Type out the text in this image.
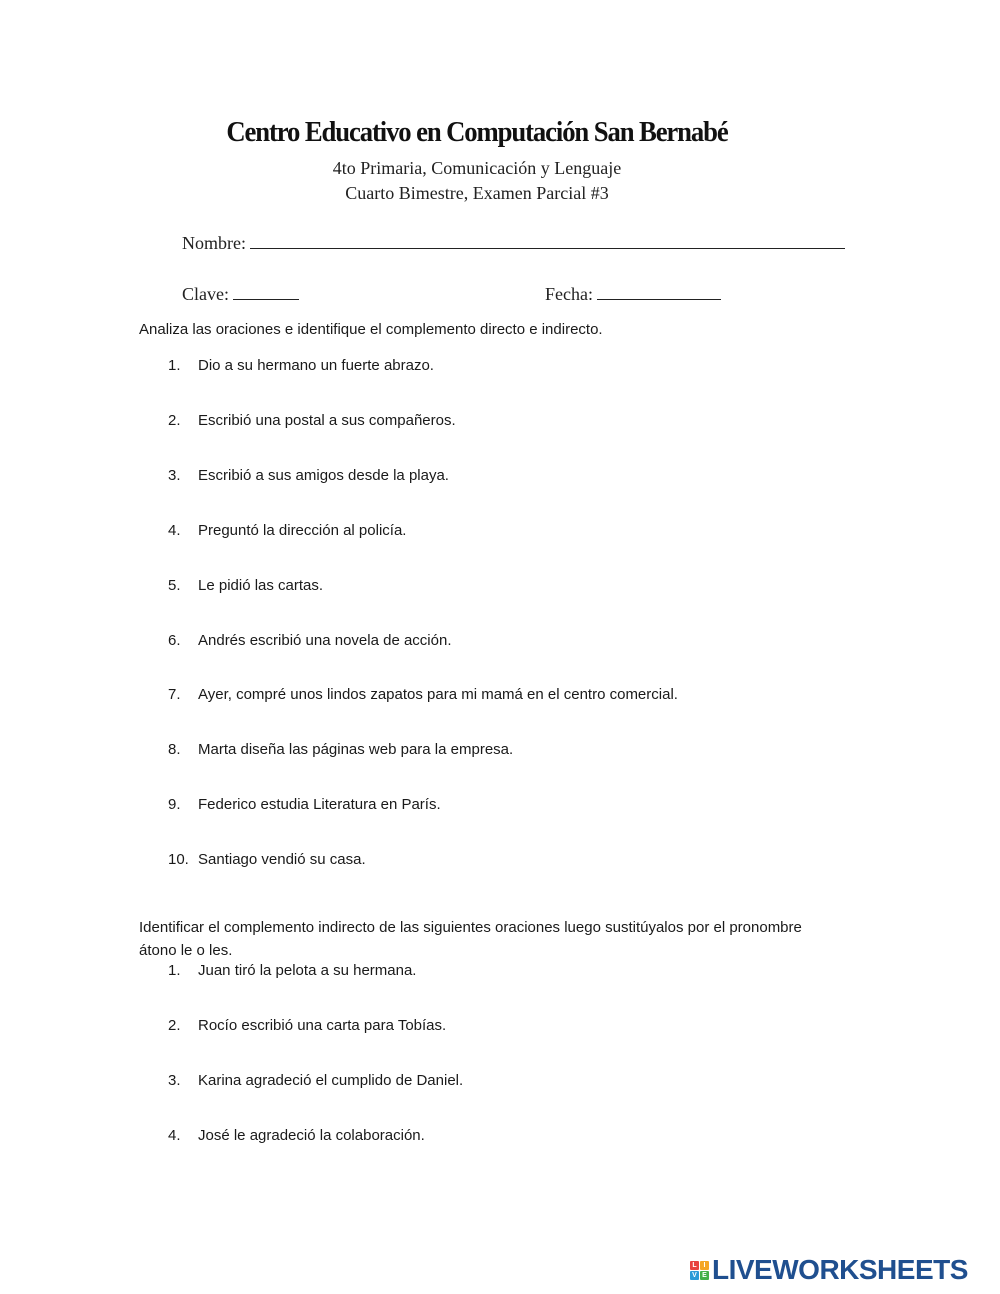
Centro Educativo en Computación San Bernabé
4to Primaria, Comunicación y Lenguaje
Cuarto Bimestre, Examen Parcial #3
Nombre:
Clave:	Fecha:
Analiza las oraciones e identifique el complemento directo e indirecto.
1. Dio a su hermano un fuerte abrazo.
2. Escribió una postal a sus compañeros.
3. Escribió a sus amigos desde la playa.
4. Preguntó la dirección al policía.
5. Le pidió las cartas.
6. Andrés escribió una novela de acción.
7. Ayer, compré unos lindos zapatos para mi mamá en el centro comercial.
8. Marta diseña las páginas web para la empresa.
9. Federico estudia Literatura en París.
10. Santiago vendió su casa.
Identificar el complemento indirecto de las siguientes oraciones luego sustitúyalos por el pronombre átono le o les.
1. Juan tiró la pelota a su hermana.
2. Rocío escribió una carta para Tobías.
3. Karina agradeció el cumplido de Daniel.
4. José le agradeció la colaboración.
L I
V E LIVEWORKSHEETS
